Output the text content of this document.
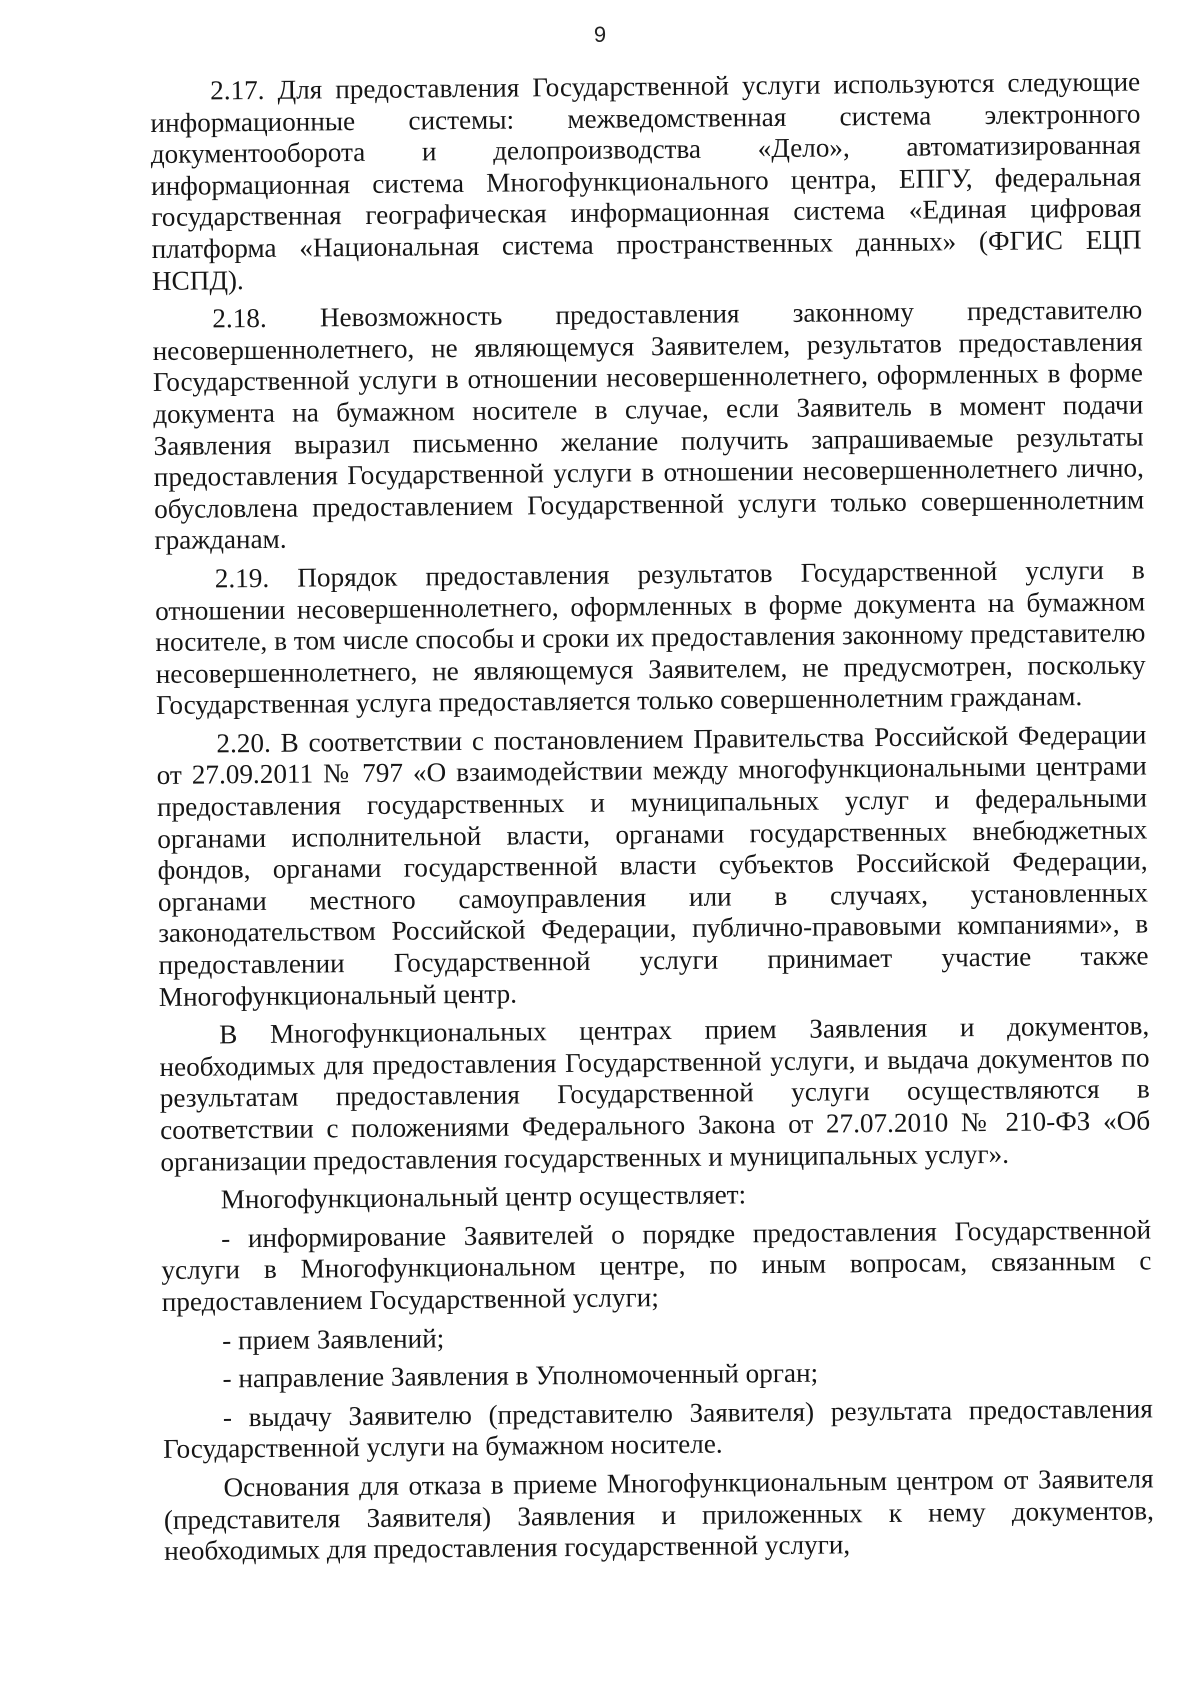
9

2.17. Для предоставления Государственной услуги используются следующие информационные системы: межведомственная система электронного документооборота и делопроизводства «Дело», автоматизированная информационная система Многофункционального центра, ЕПГУ, федеральная государственная географическая информационная система «Единая цифровая платформа «Национальная система пространственных данных» (ФГИС ЕЦП НСПД).

2.18. Невозможность предоставления законному представителю несовершеннолетнего, не являющемуся Заявителем, результатов предоставления Государственной услуги в отношении несовершеннолетнего, оформленных в форме документа на бумажном носителе в случае, если Заявитель в момент подачи Заявления выразил письменно желание получить запрашиваемые результаты предоставления Государственной услуги в отношении несовершеннолетнего лично, обусловлена предоставлением Государственной услуги только совершеннолетним гражданам.

2.19. Порядок предоставления результатов Государственной услуги в отношении несовершеннолетнего, оформленных в форме документа на бумажном носителе, в том числе способы и сроки их предоставления законному представителю несовершеннолетнего, не являющемуся Заявителем, не предусмотрен, поскольку Государственная услуга предоставляется только совершеннолетним гражданам.

2.20. В соответствии с постановлением Правительства Российской Федерации от 27.09.2011 № 797 «О взаимодействии между многофункциональными центрами предоставления государственных и муниципальных услуг и федеральными органами исполнительной власти, органами государственных внебюджетных фондов, органами государственной власти субъектов Российской Федерации, органами местного самоуправления или в случаях, установленных законодательством Российской Федерации, публично-правовыми компаниями», в предоставлении Государственной услуги принимает участие также Многофункциональный центр.

В Многофункциональных центрах прием Заявления и документов, необходимых для предоставления Государственной услуги, и выдача документов по результатам предоставления Государственной услуги осуществляются в соответствии с положениями Федерального Закона от 27.07.2010 № 210-ФЗ «Об организации предоставления государственных и муниципальных услуг».

Многофункциональный центр осуществляет:

- информирование Заявителей о порядке предоставления Государственной услуги в Многофункциональном центре, по иным вопросам, связанным с предоставлением Государственной услуги;

- прием Заявлений;

- направление Заявления в Уполномоченный орган;

- выдачу Заявителю (представителю Заявителя) результата предоставления Государственной услуги на бумажном носителе.

Основания для отказа в приеме Многофункциональным центром от Заявителя (представителя Заявителя) Заявления и приложенных к нему документов, необходимых для предоставления государственной услуги,
